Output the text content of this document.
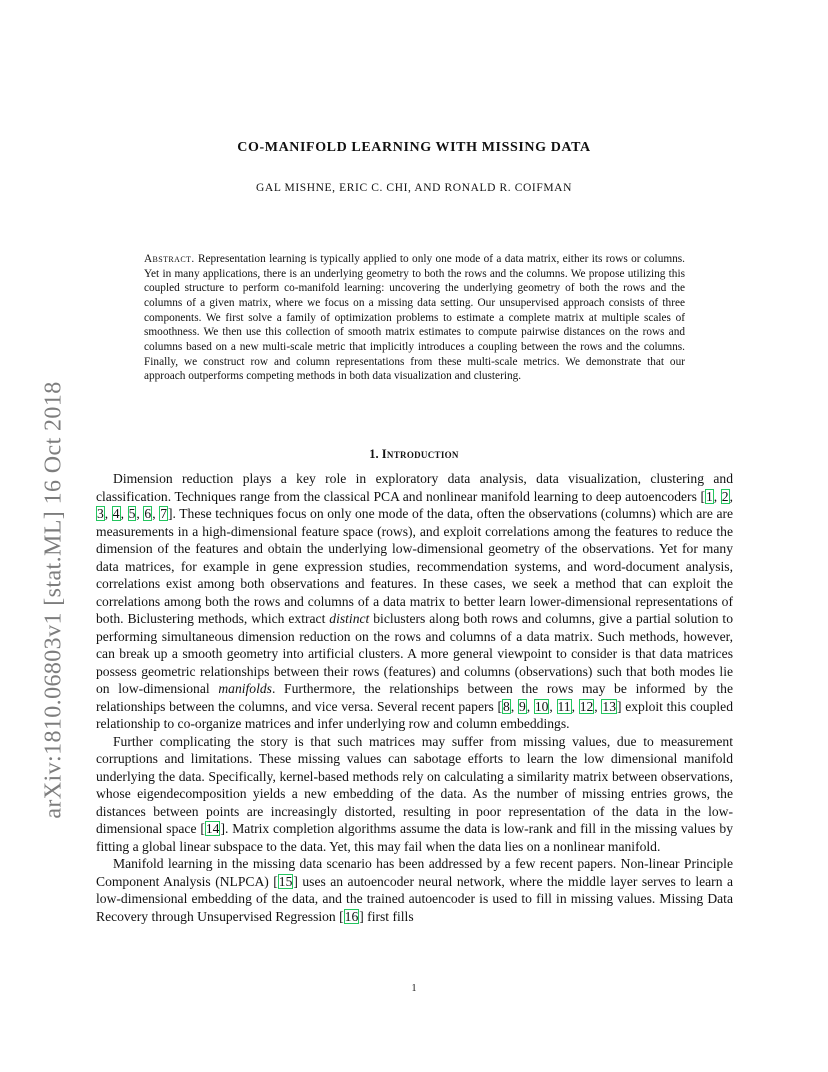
arXiv:1810.06803v1 [stat.ML] 16 Oct 2018
CO-MANIFOLD LEARNING WITH MISSING DATA

GAL MISHNE, ERIC C. CHI, AND RONALD R. COIFMAN

Abstract. Representation learning is typically applied to only one mode of a data matrix, either its rows or columns. Yet in many applications, there is an underlying geometry to both the rows and the columns. We propose utilizing this coupled structure to perform co-manifold learning: uncovering the underlying geometry of both the rows and the columns of a given matrix, where we focus on a missing data setting. Our unsupervised approach consists of three components. We first solve a family of optimization problems to estimate a complete matrix at multiple scales of smoothness. We then use this collection of smooth matrix estimates to compute pairwise distances on the rows and columns based on a new multi-scale metric that implicitly introduces a coupling between the rows and the columns. Finally, we construct row and column representations from these multi-scale metrics. We demonstrate that our approach outperforms competing methods in both data visualization and clustering.

1. Introduction

Dimension reduction plays a key role in exploratory data analysis, data visualization, clustering and classification. Techniques range from the classical PCA and nonlinear manifold learning to deep autoencoders [1, 2, 3, 4, 5, 6, 7]. These techniques focus on only one mode of the data, often the observations (columns) which are are measurements in a high-dimensional feature space (rows), and exploit correlations among the features to reduce the dimension of the features and obtain the underlying low-dimensional geometry of the observations. Yet for many data matrices, for example in gene expression studies, recommendation systems, and word-document analysis, correlations exist among both observations and features. In these cases, we seek a method that can exploit the correlations among both the rows and columns of a data matrix to better learn lower-dimensional representations of both. Biclustering methods, which extract distinct biclusters along both rows and columns, give a partial solution to performing simultaneous dimension reduction on the rows and columns of a data matrix. Such methods, however, can break up a smooth geometry into artificial clusters. A more general viewpoint to consider is that data matrices possess geometric relationships between their rows (features) and columns (observations) such that both modes lie on low-dimensional manifolds. Furthermore, the relationships between the rows may be informed by the relationships between the columns, and vice versa. Several recent papers [8, 9, 10, 11, 12, 13] exploit this coupled relationship to co-organize matrices and infer underlying row and column embeddings.

Further complicating the story is that such matrices may suffer from missing values, due to measurement corruptions and limitations. These missing values can sabotage efforts to learn the low dimensional manifold underlying the data. Specifically, kernel-based methods rely on calculating a similarity matrix between observations, whose eigendecomposition yields a new embedding of the data. As the number of missing entries grows, the distances between points are increasingly distorted, resulting in poor representation of the data in the low-dimensional space [14]. Matrix completion algorithms assume the data is low-rank and fill in the missing values by fitting a global linear subspace to the data. Yet, this may fail when the data lies on a nonlinear manifold.

Manifold learning in the missing data scenario has been addressed by a few recent papers. Non-linear Principle Component Analysis (NLPCA) [15] uses an autoencoder neural network, where the middle layer serves to learn a low-dimensional embedding of the data, and the trained autoencoder is used to fill in missing values. Missing Data Recovery through Unsupervised Regression [16] first fills

1
